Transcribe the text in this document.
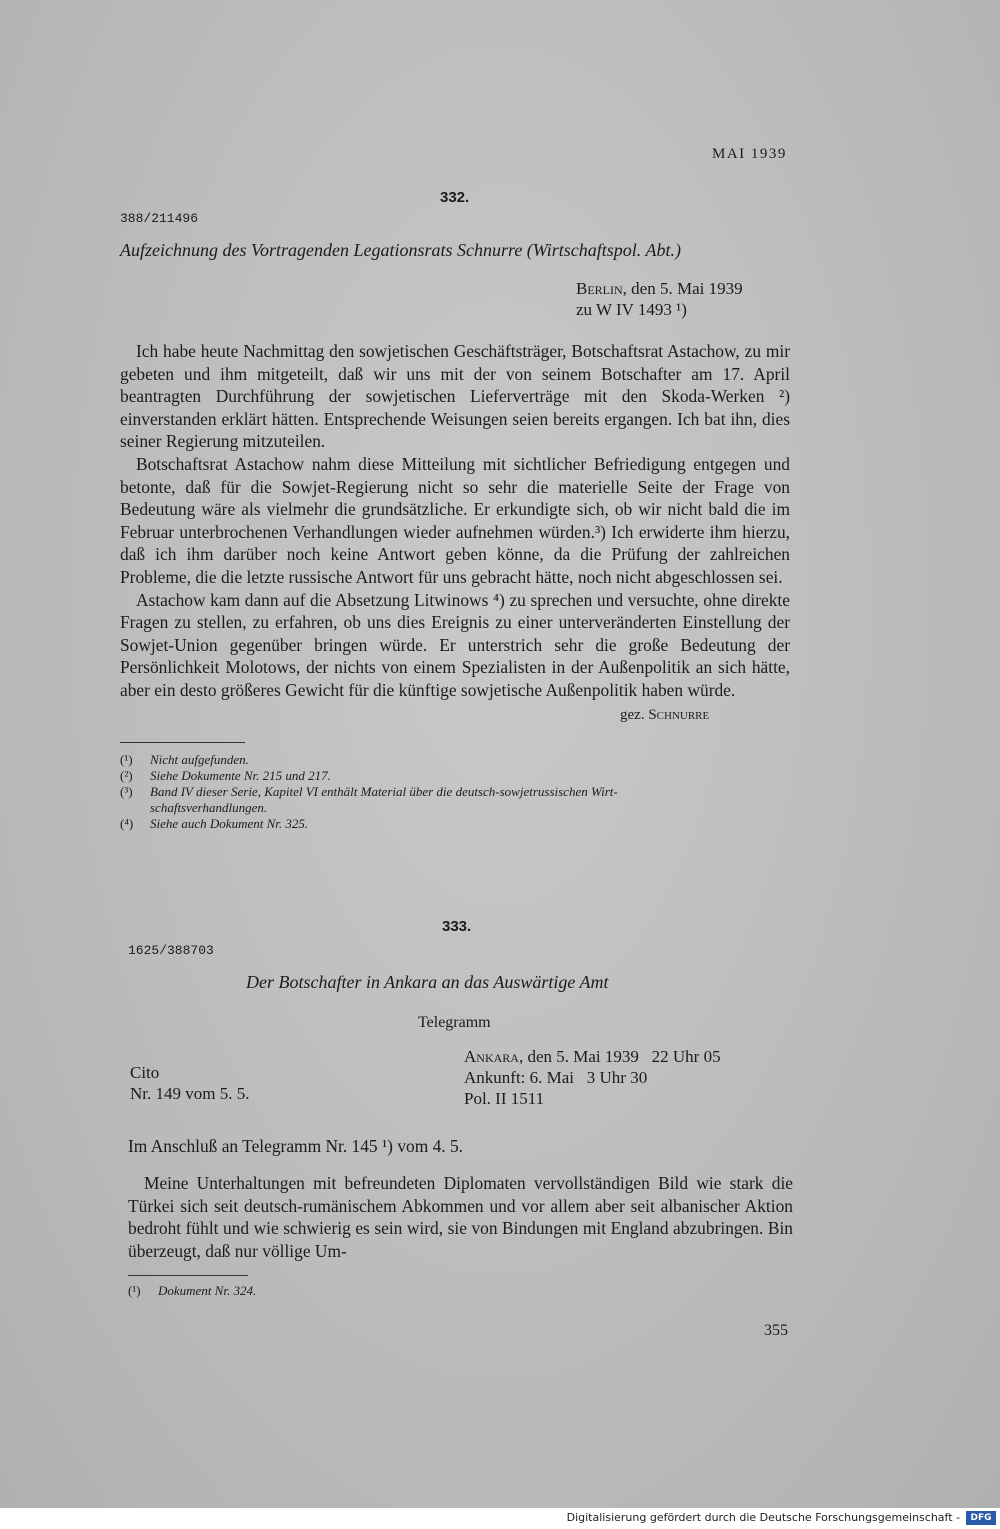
MAI 1939
332.
388/211496
Aufzeichnung des Vortragenden Legationsrats Schnurre (Wirtschaftspol. Abt.)
Berlin, den 5. Mai 1939
zu W IV 1493 ¹)

Ich habe heute Nachmittag den sowjetischen Geschäftsträger, Botschaftsrat Astachow, zu mir gebeten und ihm mitgeteilt, daß wir uns mit der von seinem Botschafter am 17. April beantragten Durchführung der sowjetischen Lieferverträge mit den Skoda-Werken ²) einverstanden erklärt hätten. Entsprechende Weisungen seien bereits ergangen. Ich bat ihn, dies seiner Regierung mitzuteilen.

Botschaftsrat Astachow nahm diese Mitteilung mit sichtlicher Befriedigung entgegen und betonte, daß für die Sowjet-Regierung nicht so sehr die materielle Seite der Frage von Bedeutung wäre als vielmehr die grundsätzliche. Er erkundigte sich, ob wir nicht bald die im Februar unterbrochenen Verhandlungen wieder aufnehmen würden.³) Ich erwiderte ihm hierzu, daß ich ihm darüber noch keine Antwort geben könne, da die Prüfung der zahlreichen Probleme, die die letzte russische Antwort für uns gebracht hätte, noch nicht abgeschlossen sei.

Astachow kam dann auf die Absetzung Litwinows ⁴) zu sprechen und versuchte, ohne direkte Fragen zu stellen, zu erfahren, ob uns dies Ereignis zu einer unterveränderten Einstellung der Sowjet-Union gegenüber bringen würde. Er unterstrich sehr die große Bedeutung der Persönlichkeit Molotows, der nichts von einem Spezialisten in der Außenpolitik an sich hätte, aber ein desto größeres Gewicht für die künftige sowjetische Außenpolitik haben würde.

gez. Schnurre
(¹) Nicht aufgefunden.
(²) Siehe Dokumente Nr. 215 und 217.
(³) Band IV dieser Serie, Kapitel VI enthält Material über die deutsch-sowjetrussischen Wirt-
schaftsverhandlungen.
(⁴) Siehe auch Dokument Nr. 325.
333.
1625/388703
Der Botschafter in Ankara an das Auswärtige Amt
Telegramm
Cito
Nr. 149 vom 5. 5.
Ankara, den 5. Mai 1939   22 Uhr 05
Ankunft: 6. Mai   3 Uhr 30
Pol. II 1511
Im Anschluß an Telegramm Nr. 145 ¹) vom 4. 5.

Meine Unterhaltungen mit befreundeten Diplomaten vervollständigen Bild wie stark die Türkei sich seit deutsch-rumänischem Abkommen und vor allem aber seit albanischer Aktion bedroht fühlt und wie schwierig es sein wird, sie von Bindungen mit England abzubringen. Bin überzeugt, daß nur völlige Um-

(¹) Dokument Nr. 324.
355
Digitalisierung gefördert durch die Deutsche Forschungsgemeinschaft -	DFG
